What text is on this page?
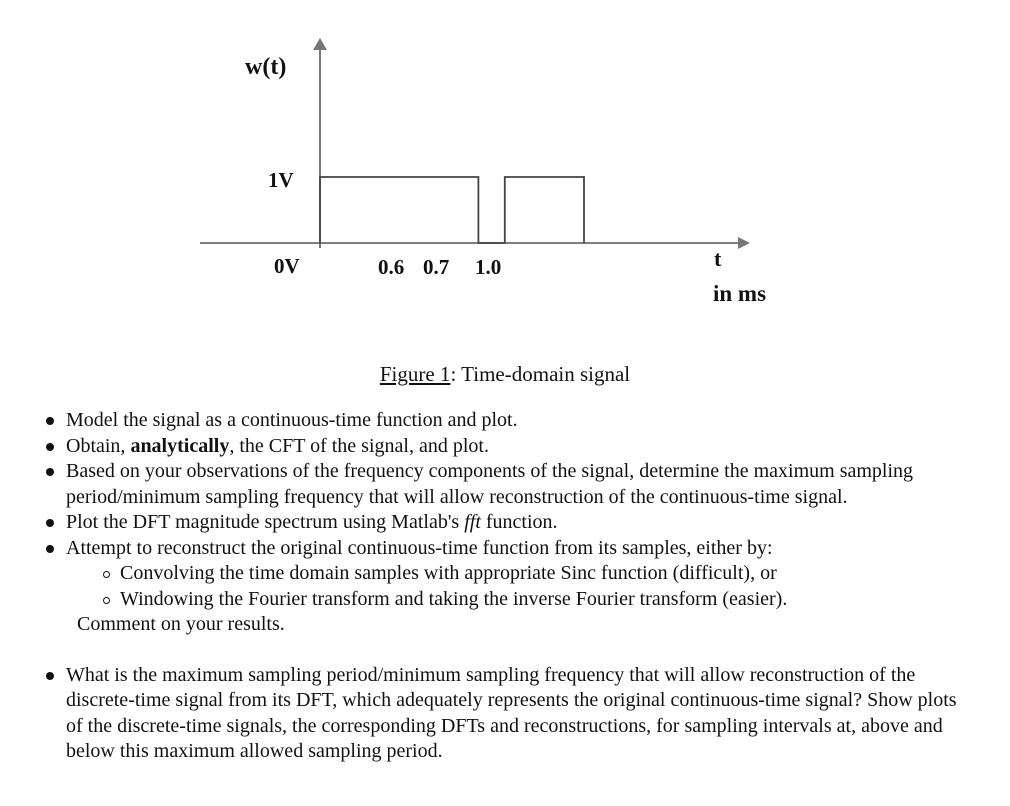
w(t)
1V
0V	0.6 0.7 1.0	t
in ms
Figure 1: Time-domain signal
Model the signal as a continuous-time function and plot.
Obtain, analytically, the CFT of the signal, and plot.
Based on your observations of the frequency components of the signal, determine the maximum sampling period/minimum sampling frequency that will allow reconstruction of the continuous-time signal.
Plot the DFT magnitude spectrum using Matlab's fft function.
Attempt to reconstruct the original continuous-time function from its samples, either by:
Convolving the time domain samples with appropriate Sinc function (difficult), or
Windowing the Fourier transform and taking the inverse Fourier transform (easier).
Comment on your results.
What is the maximum sampling period/minimum sampling frequency that will allow reconstruction of the discrete-time signal from its DFT, which adequately represents the original continuous-time signal? Show plots of the discrete-time signals, the corresponding DFTs and reconstructions, for sampling intervals at, above and below this maximum allowed sampling period.
